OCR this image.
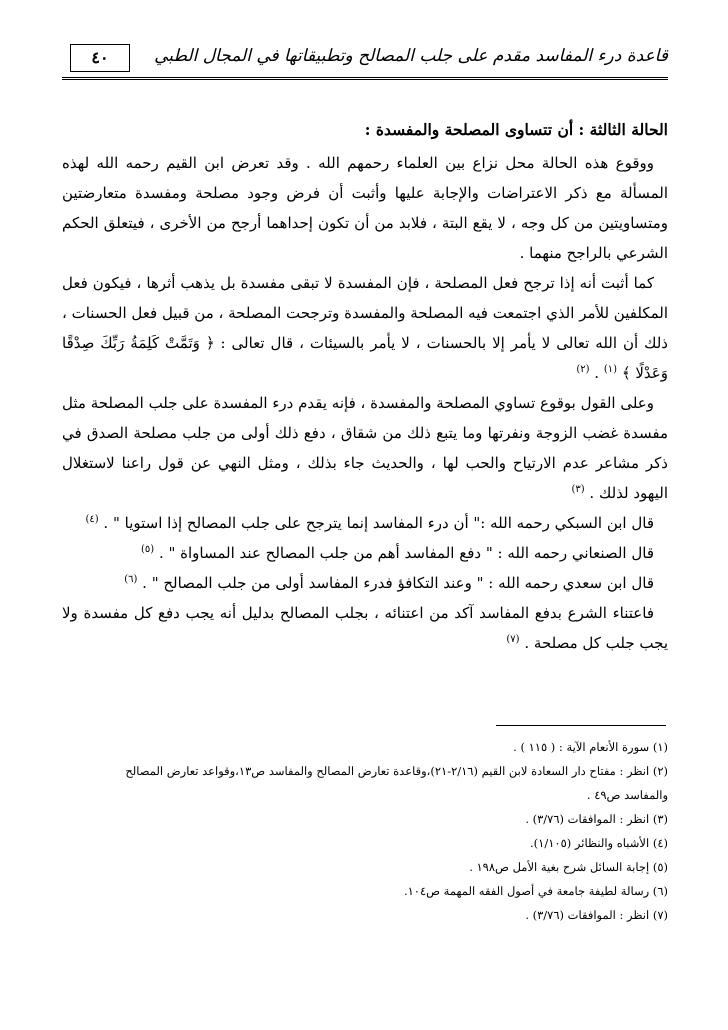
قاعدة درء المفاسد مقدم على جلب المصالح وتطبيقاتها في المجال الطبي
٤٠

الحالة الثالثة : أن تتساوى المصلحة والمفسدة :

ووقوع هذه الحالة محل نزاع بين العلماء رحمهم الله . وقد تعرض ابن القيم رحمه الله لهذه المسألة مع ذكر الاعتراضات والإجابة عليها وأثبت أن فرض وجود مصلحة ومفسدة متعارضتين ومتساويتين من كل وجه ، لا يقع البتة ، فلابد من أن تكون إحداهما أرجح من الأخرى ، فيتعلق الحكم الشرعي بالراجح منهما .

كما أثبت أنه إذا ترجح فعل المصلحة ، فإن المفسدة لا تبقى مفسدة بل يذهب أثرها ، فيكون فعل المكلفين للأمر الذي اجتمعت فيه المصلحة والمفسدة وترجحت المصلحة ، من قبيل فعل الحسنات ، ذلك أن الله تعالى لا يأمر إلا بالحسنات ، لا يأمر بالسيئات ، قال تعالى : ﴿ وَتَمَّتْ كَلِمَةُ رَبِّكَ صِدْقًا وَعَدْلًا ﴾ $^{(١)}$ . $^{(٢)}$

وعلى القول بوقوع تساوي المصلحة والمفسدة ، فإنه يقدم درء المفسدة على جلب المصلحة مثل مفسدة غضب الزوجة ونفرتها وما يتبع ذلك من شقاق ، دفع ذلك أولى من جلب مصلحة الصدق في ذكر مشاعر عدم الارتياح والحب لها ، والحديث جاء بذلك ، ومثل النهي عن قول راعنا لاستغلال اليهود لذلك . $^{(٣)}$

قال ابن السبكي رحمه الله :" أن درء المفاسد إنما يترجح على جلب المصالح إذا استويا " . $^{(٤)}$

قال الصنعاني رحمه الله : " دفع المفاسد أهم من جلب المصالح عند المساواة " . $^{(٥)}$

قال ابن سعدي رحمه الله : " وعند التكافؤ فدرء المفاسد أولى من جلب المصالح " . $^{(٦)}$

فاعتناء الشرع بدفع المفاسد آكد من اعتنائه ، بجلب المصالح بدليل أنه يجب دفع كل مفسدة ولا يجب جلب كل مصلحة . $^{(٧)}$

(١) سورة الأنعام الآية : ( ١١٥ ) .

(٢) انظر : مفتاح دار السعادة لابن القيم (٢/١٦-٢١)،وقاعدة تعارض المصالح والمفاسد ص١٣،وقواعد تعارض المصالح

والمفاسد ص٤٩ .

(٣) انظر : الموافقات (٣/٧٦) .

(٤) الأشباه والنظائر (١/١٠٥).

(٥) إجابة السائل شرح بغية الأمل ص١٩٨ .

(٦) رسالة لطيفة جامعة في أصول الفقه المهمة ص١٠٤.

(٧) انظر : الموافقات (٣/٧٦) .
